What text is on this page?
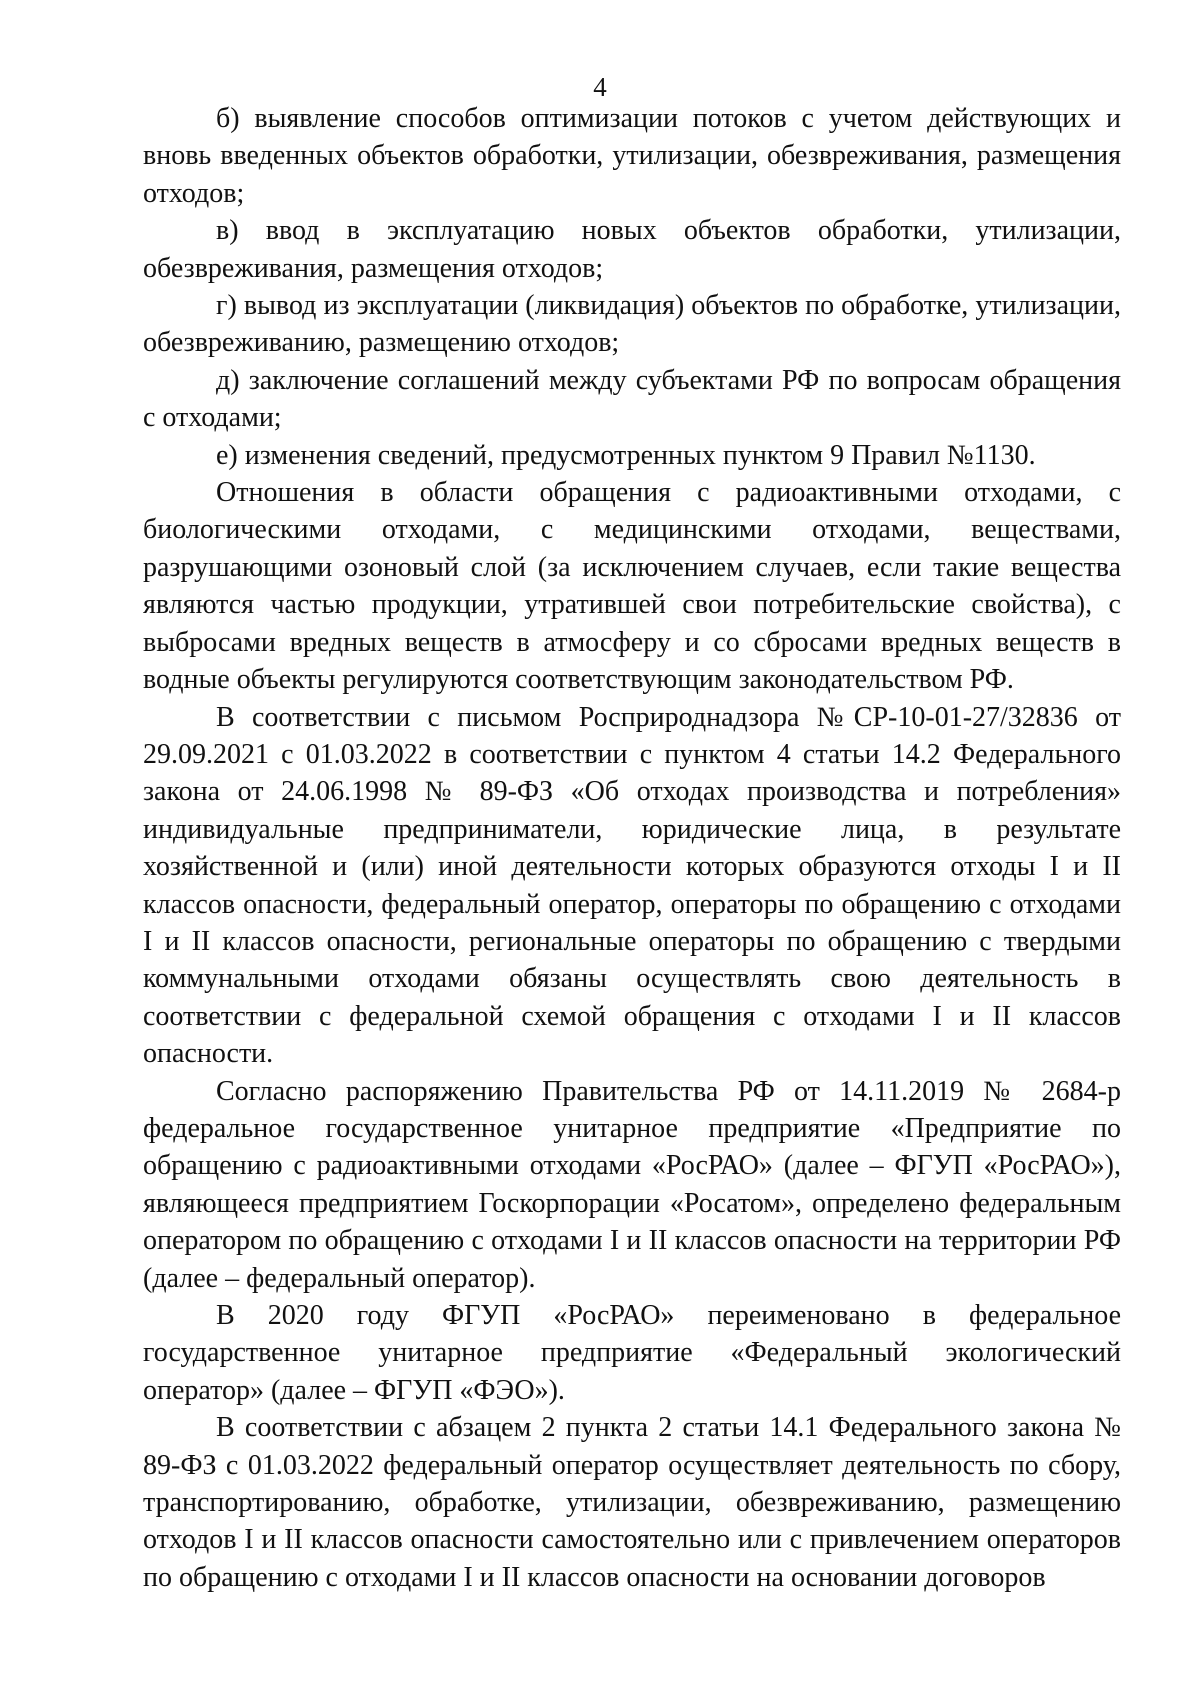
4

б) выявление способов оптимизации потоков с учетом действующих и вновь введенных объектов обработки, утилизации, обезвреживания, размещения отходов;

в) ввод в эксплуатацию новых объектов обработки, утилизации, обезвреживания, размещения отходов;

г) вывод из эксплуатации (ликвидация) объектов по обработке, утилизации, обезвреживанию, размещению отходов;

д) заключение соглашений между субъектами РФ по вопросам обращения с отходами;

е) изменения сведений, предусмотренных пунктом 9 Правил №1130.

Отношения в области обращения с радиоактивными отходами, с биологическими отходами, с медицинскими отходами, веществами, разрушающими озоновый слой (за исключением случаев, если такие вещества являются частью продукции, утратившей свои потребительские свойства), с выбросами вредных веществ в атмосферу и со сбросами вредных веществ в водные объекты регулируются соответствующим законодательством РФ.

В соответствии с письмом Росприроднадзора №СР-10-01-27/32836 от 29.09.2021 с 01.03.2022 в соответствии с пунктом 4 статьи 14.2 Федерального закона от 24.06.1998 № 89-ФЗ «Об отходах производства и потребления» индивидуальные предприниматели, юридические лица, в результате хозяйственной и (или) иной деятельности которых образуются отходы I и II классов опасности, федеральный оператор, операторы по обращению с отходами I и II классов опасности, региональные операторы по обращению с твердыми коммунальными отходами обязаны осуществлять свою деятельность в соответствии с федеральной схемой обращения с отходами I и II классов опасности.

Согласно распоряжению Правительства РФ от 14.11.2019 № 2684-р федеральное государственное унитарное предприятие «Предприятие по обращению с радиоактивными отходами «РосРАО» (далее – ФГУП «РосРАО»), являющееся предприятием Госкорпорации «Росатом», определено федеральным оператором по обращению с отходами I и II классов опасности на территории РФ (далее – федеральный оператор).

В 2020 году ФГУП «РосРАО» переименовано в федеральное государственное унитарное предприятие «Федеральный экологический оператор» (далее – ФГУП «ФЭО»).

В соответствии с абзацем 2 пункта 2 статьи 14.1 Федерального закона № 89-ФЗ с 01.03.2022 федеральный оператор осуществляет деятельность по сбору, транспортированию, обработке, утилизации, обезвреживанию, размещению отходов I и II классов опасности самостоятельно или с привлечением операторов по обращению с отходами I и II классов опасности на основании договоров
